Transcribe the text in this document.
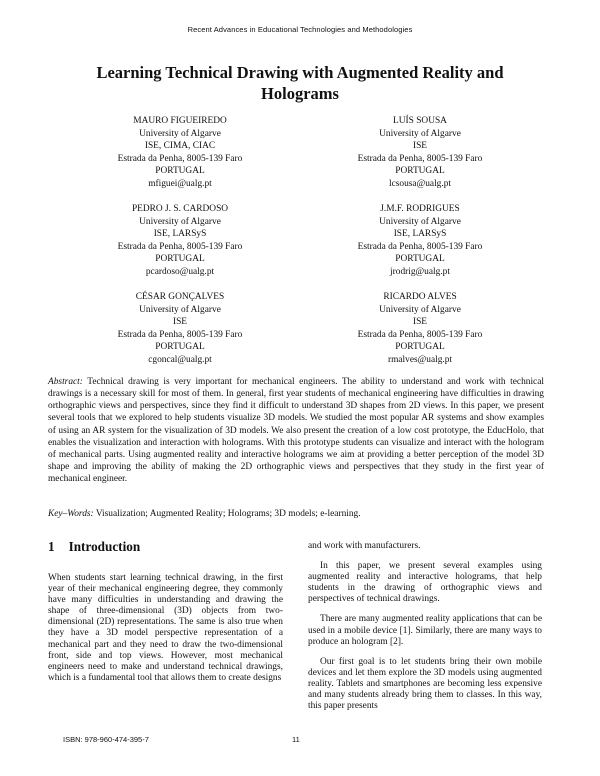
Recent Advances in Educational Technologies and Methodologies
Learning Technical Drawing with Augmented Reality and Holograms
MAURO FIGUEIREDO
University of Algarve
ISE, CIMA, CIAC
Estrada da Penha, 8005-139 Faro
PORTUGAL
mfiguei@ualg.pt
LUÍS SOUSA
University of Algarve
ISE
Estrada da Penha, 8005-139 Faro
PORTUGAL
lcsousa@ualg.pt
PEDRO J. S. CARDOSO
University of Algarve
ISE, LARSyS
Estrada da Penha, 8005-139 Faro
PORTUGAL
pcardoso@ualg.pt
J.M.F. RODRIGUES
University of Algarve
ISE, LARSyS
Estrada da Penha, 8005-139 Faro
PORTUGAL
jrodrig@ualg.pt
CÉSAR GONÇALVES
University of Algarve
ISE
Estrada da Penha, 8005-139 Faro
PORTUGAL
cgoncal@ualg.pt
RICARDO ALVES
University of Algarve
ISE
Estrada da Penha, 8005-139 Faro
PORTUGAL
rmalves@ualg.pt
Abstract: Technical drawing is very important for mechanical engineers. The ability to understand and work with technical drawings is a necessary skill for most of them. In general, first year students of mechanical engineering have difficulties in drawing orthographic views and perspectives, since they find it difficult to understand 3D shapes from 2D views. In this paper, we present several tools that we explored to help students visualize 3D models. We studied the most popular AR systems and show examples of using an AR system for the visualization of 3D models. We also present the creation of a low cost prototype, the EducHolo, that enables the visualization and interaction with holograms. With this prototype students can visualize and interact with the hologram of mechanical parts. Using augmented reality and interactive holograms we aim at providing a better perception of the model 3D shape and improving the ability of making the 2D orthographic views and perspectives that they study in the first year of mechanical engineer.
Key–Words: Visualization; Augmented Reality; Holograms; 3D models; e-learning.
1 Introduction

When students start learning technical drawing, in the first year of their mechanical engineering degree, they commonly have many difficulties in understanding and drawing the shape of three-dimensional (3D) objects from two-dimensional (2D) representations. The same is also true when they have a 3D model perspective representation of a mechanical part and they need to draw the two-dimensional front, side and top views. However, most mechanical engineers need to make and understand technical drawings, which is a fundamental tool that allows them to create designs

and work with manufacturers.

In this paper, we present several examples using augmented reality and interactive holograms, that help students in the drawing of orthographic views and perspectives of technical drawings.

There are many augmented reality applications that can be used in a mobile device [1]. Similarly, there are many ways to produce an hologram [2].

Our first goal is to let students bring their own mobile devices and let them explore the 3D models using augmented reality. Tablets and smartphones are becoming less expensive and many students already bring them to classes. In this way, this paper presents

ISBN: 978-960-474-395-7	11
